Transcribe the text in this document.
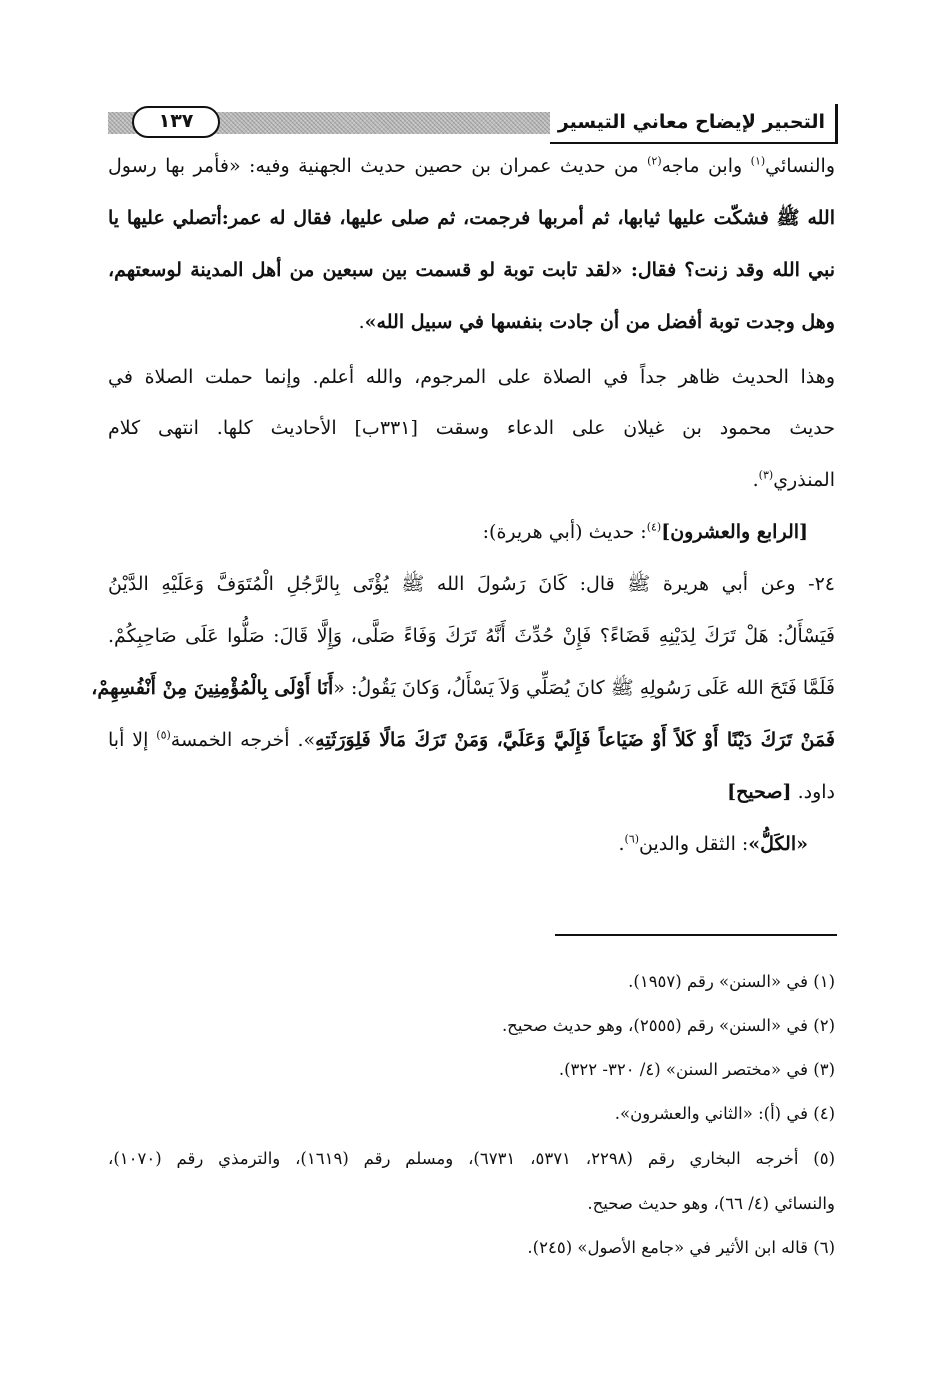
١٣٧	التحبير لإيضاح معاني التيسير
والنسائي$^{(١)}$ وابن ماجه$^{(٢)}$ من حديث عمران بن حصين حديث الجهنية وفيه: «فأمر بها رسول
الله ﷺ فشكّت عليها ثيابها، ثم أمربها فرجمت، ثم صلى عليها، فقال له عمر:أتصلي عليها يا
نبي الله وقد زنت؟ فقال: «لقد تابت توبة لو قسمت بين سبعين من أهل المدينة لوسعتهم،
وهل وجدت توبة أفضل من أن جادت بنفسها في سبيل الله».
وهذا الحديث ظاهر جداً في الصلاة على المرجوم، والله أعلم. وإنما حملت الصلاة في
حديث محمود بن غيلان على الدعاء وسقت [٣٣١ب] الأحاديث كلها. انتهى كلام
المنذري$^{(٣)}$.
[الرابع والعشرون]$^{(٤)}$: حديث (أبي هريرة):
٢٤- وعن أبي هريرة ﷺ قال: كَانَ رَسُولَ الله ﷺ يُؤْتَى بِالرَّجُلِ الْمُتَوَفَّ وَعَلَيْهِ الدَّيْنُ
فَيَسْأَلُ: هَلْ تَرَكَ لِدَيْنِهِ قَضَاءً؟ فَإِنْ حُدِّثَ أَنَّهُ تَرَكَ وَفَاءً صَلَّى، وَإِلَّا قَالَ: صَلُّوا عَلَى صَاحِبِكُمْ.
فَلَمَّا فَتَحَ الله عَلَى رَسُولِهِ ﷺ كانَ يُصَلِّي وَلاَ يَسْأَلُ، وَكانَ يَقُولُ: «أَنَا أَوْلَى بِالْمُؤْمِنِينَ مِنْ أَنْفُسِهِمْ،
فَمَنْ تَرَكَ دَيْنًا أَوْ كَلاً أَوْ ضَيَاعاً فَإِلَيَّ وَعَلَيَّ، وَمَنْ تَرَكَ مَالًا فَلِوَرَثَتِهِ». أخرجه الخمسة$^{(٥)}$ إلا أبا
داود. [صحيح]
«الكَلُّ»: الثقل والدين$^{(٦)}$.
(١) في «السنن» رقم (١٩٥٧).
(٢) في «السنن» رقم (٢٥٥٥)، وهو حديث صحيح.
(٣) في «مختصر السنن» (٤/ ٣٢٠- ٣٢٢).
(٤) في (أ): «الثاني والعشرون».
(٥) أخرجه البخاري رقم (٢٢٩٨، ٥٣٧١، ٦٧٣١)، ومسلم رقم (١٦١٩)، والترمذي رقم (١٠٧٠)،
والنسائي (٤/ ٦٦)، وهو حديث صحيح.
(٦) قاله ابن الأثير في «جامع الأصول» (٢٤٥).
